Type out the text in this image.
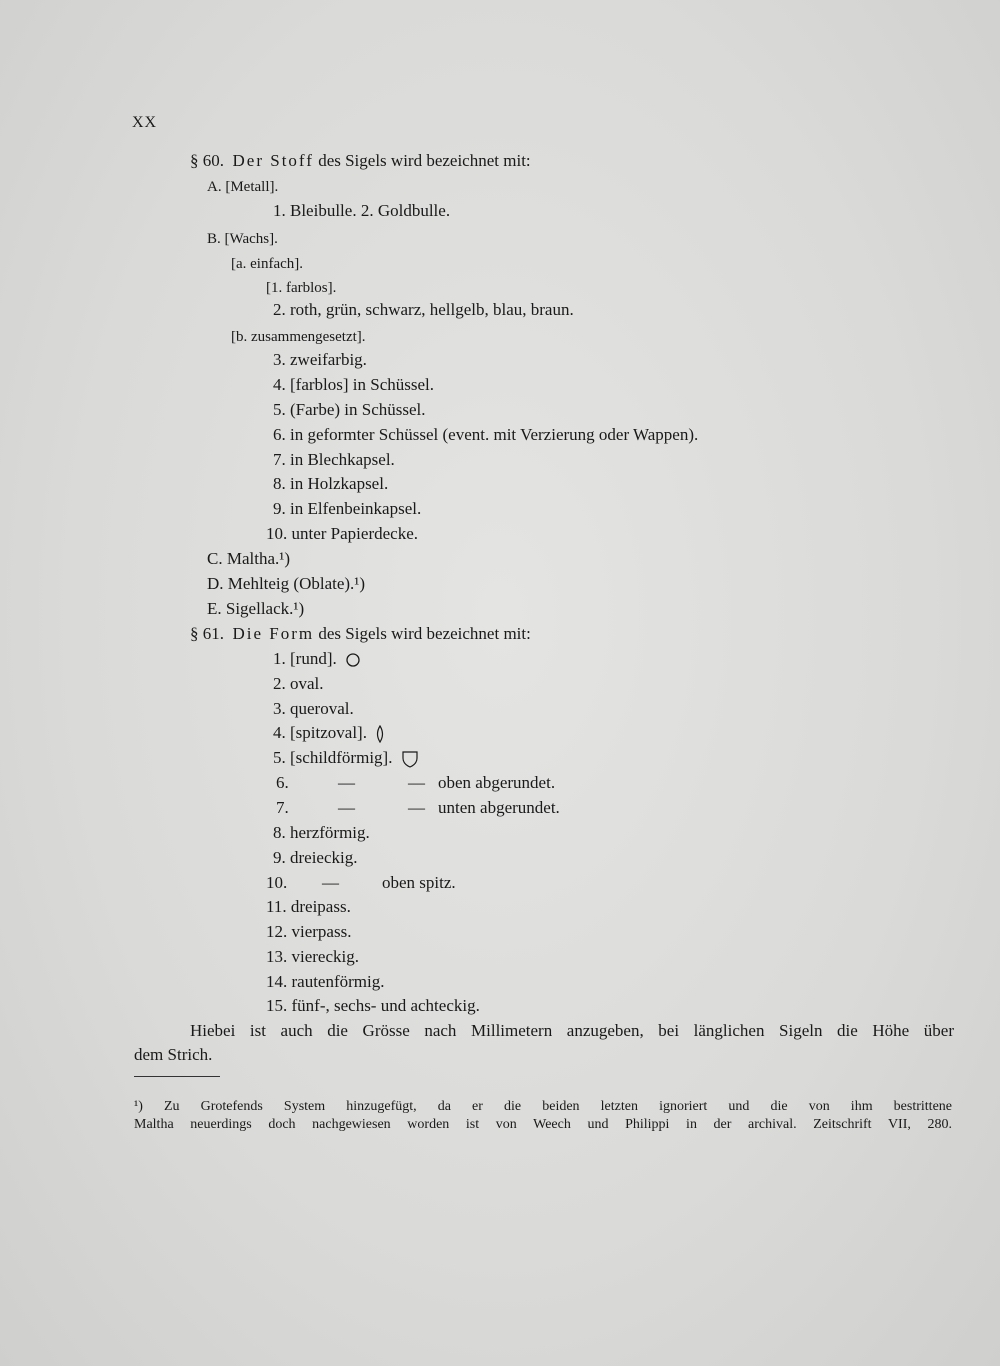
XX
§ 60. Der Stoff des Sigels wird bezeichnet mit:
A. [Metall].
1. Bleibulle. 2. Goldbulle.
B. [Wachs].
[a. einfach].
[1. farblos].
2. roth, grün, schwarz, hellgelb, blau, braun.
[b. zusammengesetzt].
3. zweifarbig.
4. [farblos] in Schüssel.
5. (Farbe) in Schüssel.
6. in geformter Schüssel (event. mit Verzierung oder Wappen).
7. in Blechkapsel.
8. in Holzkapsel.
9. in Elfenbeinkapsel.
10. unter Papierdecke.
C. Maltha.¹)
D. Mehlteig (Oblate).¹)
E. Sigellack.¹)
§ 61. Die Form des Sigels wird bezeichnet mit:
1. [rund].
2. oval.
3. queroval.
4. [spitzoval].
5. [schildförmig].
6.	—	— oben abgerundet.
7.	—	— unten abgerundet.
8. herzförmig.
9. dreieckig.
10. —	oben spitz.
11. dreipass.
12. vierpass.
13. viereckig.
14. rautenförmig.
15. fünf-, sechs- und achteckig.
Hiebei ist auch die Grösse nach Millimetern anzugeben, bei länglichen Sigeln die Höhe über
dem Strich.
¹) Zu Grotefends System hinzugefügt, da er die beiden letzten ignoriert und die von ihm bestrittene
Maltha neuerdings doch nachgewiesen worden ist von Weech und Philippi in der archival. Zeitschrift VII, 280.
